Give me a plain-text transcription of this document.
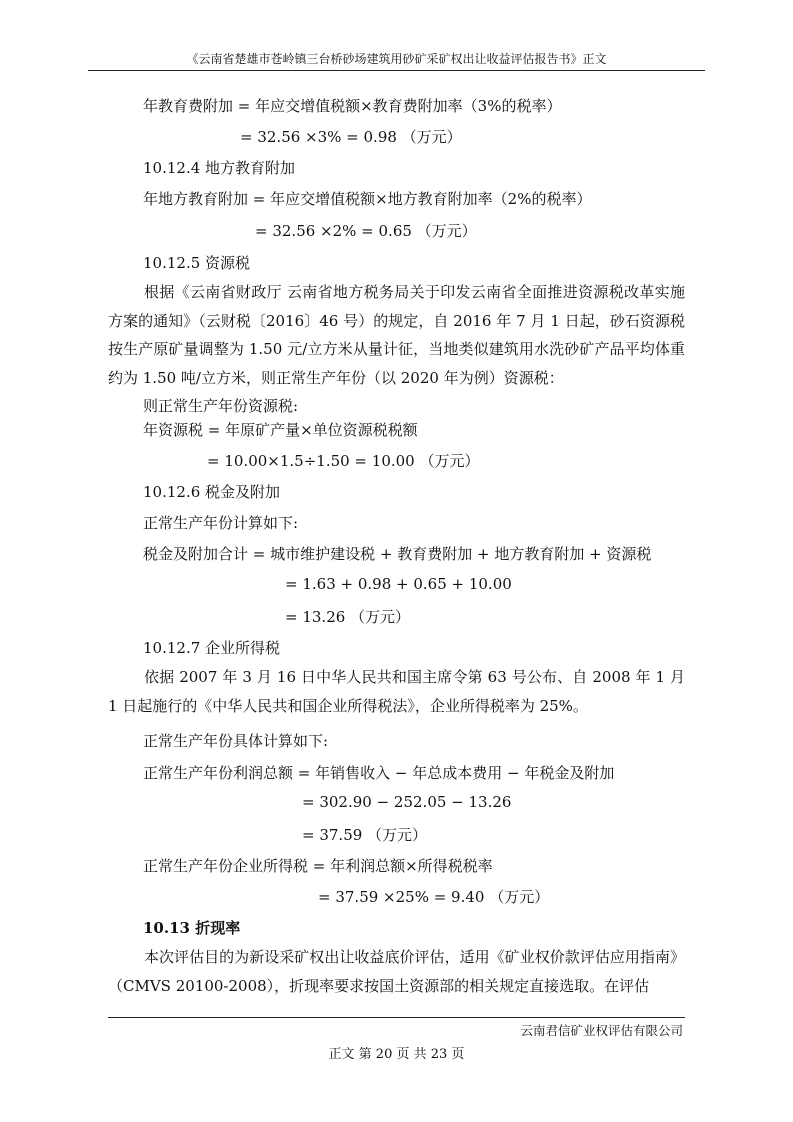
《云南省楚雄市苍岭镇三台桥砂场建筑用砂矿采矿权出让收益评估报告书》正文
年教育费附加 = 年应交增值税额×教育费附加率（3%的税率）
= 32.56 ×3% = 0.98 （万元）
10.12.4 地方教育附加
年地方教育附加 = 年应交增值税额×地方教育附加率（2%的税率）
= 32.56 ×2% = 0.65 （万元）
10.12.5 资源税
根据《云南省财政厅 云南省地方税务局关于印发云南省全面推进资源税改革实施方案的通知》（云财税〔2016〕46 号）的规定，自 2016 年 7 月 1 日起，砂石资源税按生产原矿量调整为 1.50 元/立方米从量计征，当地类似建筑用水洗砂矿产品平均体重约为 1.50 吨/立方米，则正常生产年份（以 2020 年为例）资源税：
则正常生产年份资源税:
年资源税 = 年原矿产量×单位资源税税额
= 10.00×1.5÷1.50 = 10.00 （万元）
10.12.6 税金及附加
正常生产年份计算如下:
税金及附加合计 = 城市维护建设税 + 教育费附加 + 地方教育附加 + 资源税
= 1.63 + 0.98 + 0.65 + 10.00
= 13.26 （万元）
10.12.7 企业所得税
依据 2007 年 3 月 16 日中华人民共和国主席令第 63 号公布、自 2008 年 1 月 1 日起施行的《中华人民共和国企业所得税法》，企业所得税率为 25%。
正常生产年份具体计算如下:
正常生产年份利润总额 = 年销售收入 − 年总成本费用 − 年税金及附加
= 302.90 − 252.05 − 13.26
= 37.59 （万元）
正常生产年份企业所得税 = 年利润总额×所得税税率
= 37.59 ×25% = 9.40 （万元）
10.13 折现率
本次评估目的为新设采矿权出让收益底价评估，适用《矿业权价款评估应用指南》（CMVS 20100-2008），折现率要求按国土资源部的相关规定直接选取。在评估
云南君信矿业权评估有限公司
正文 第 20 页 共 23 页
